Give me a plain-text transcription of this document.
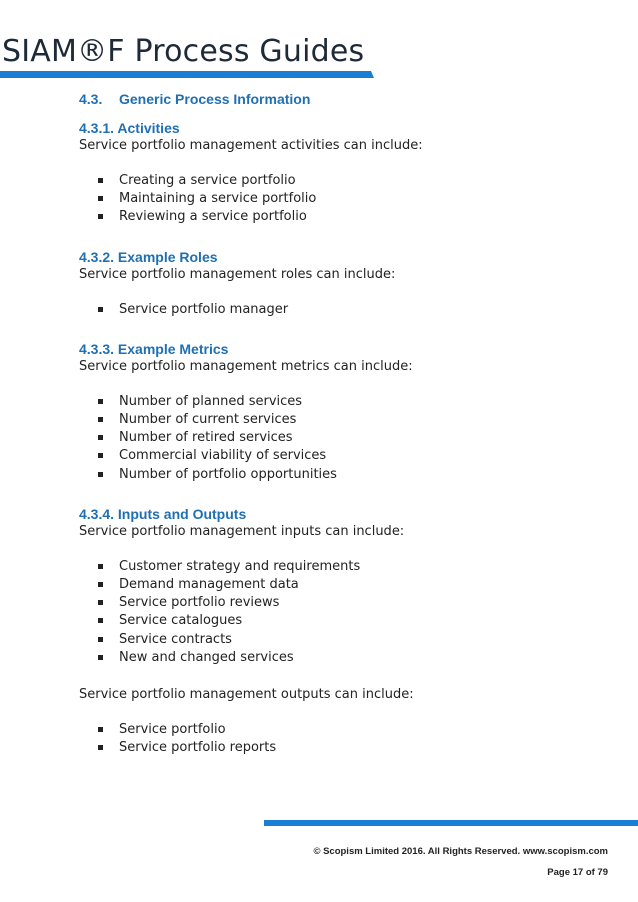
SIAM®F Process Guides
4.3. Generic Process Information
4.3.1. Activities
Service portfolio management activities can include:
Creating a service portfolio
Maintaining a service portfolio
Reviewing a service portfolio
4.3.2. Example Roles
Service portfolio management roles can include:
Service portfolio manager
4.3.3. Example Metrics
Service portfolio management metrics can include:
Number of planned services
Number of current services
Number of retired services
Commercial viability of services
Number of portfolio opportunities
4.3.4. Inputs and Outputs
Service portfolio management inputs can include:
Customer strategy and requirements
Demand management data
Service portfolio reviews
Service catalogues
Service contracts
New and changed services
Service portfolio management outputs can include:
Service portfolio
Service portfolio reports
© Scopism Limited 2016. All Rights Reserved. www.scopism.com
Page 17 of 79
